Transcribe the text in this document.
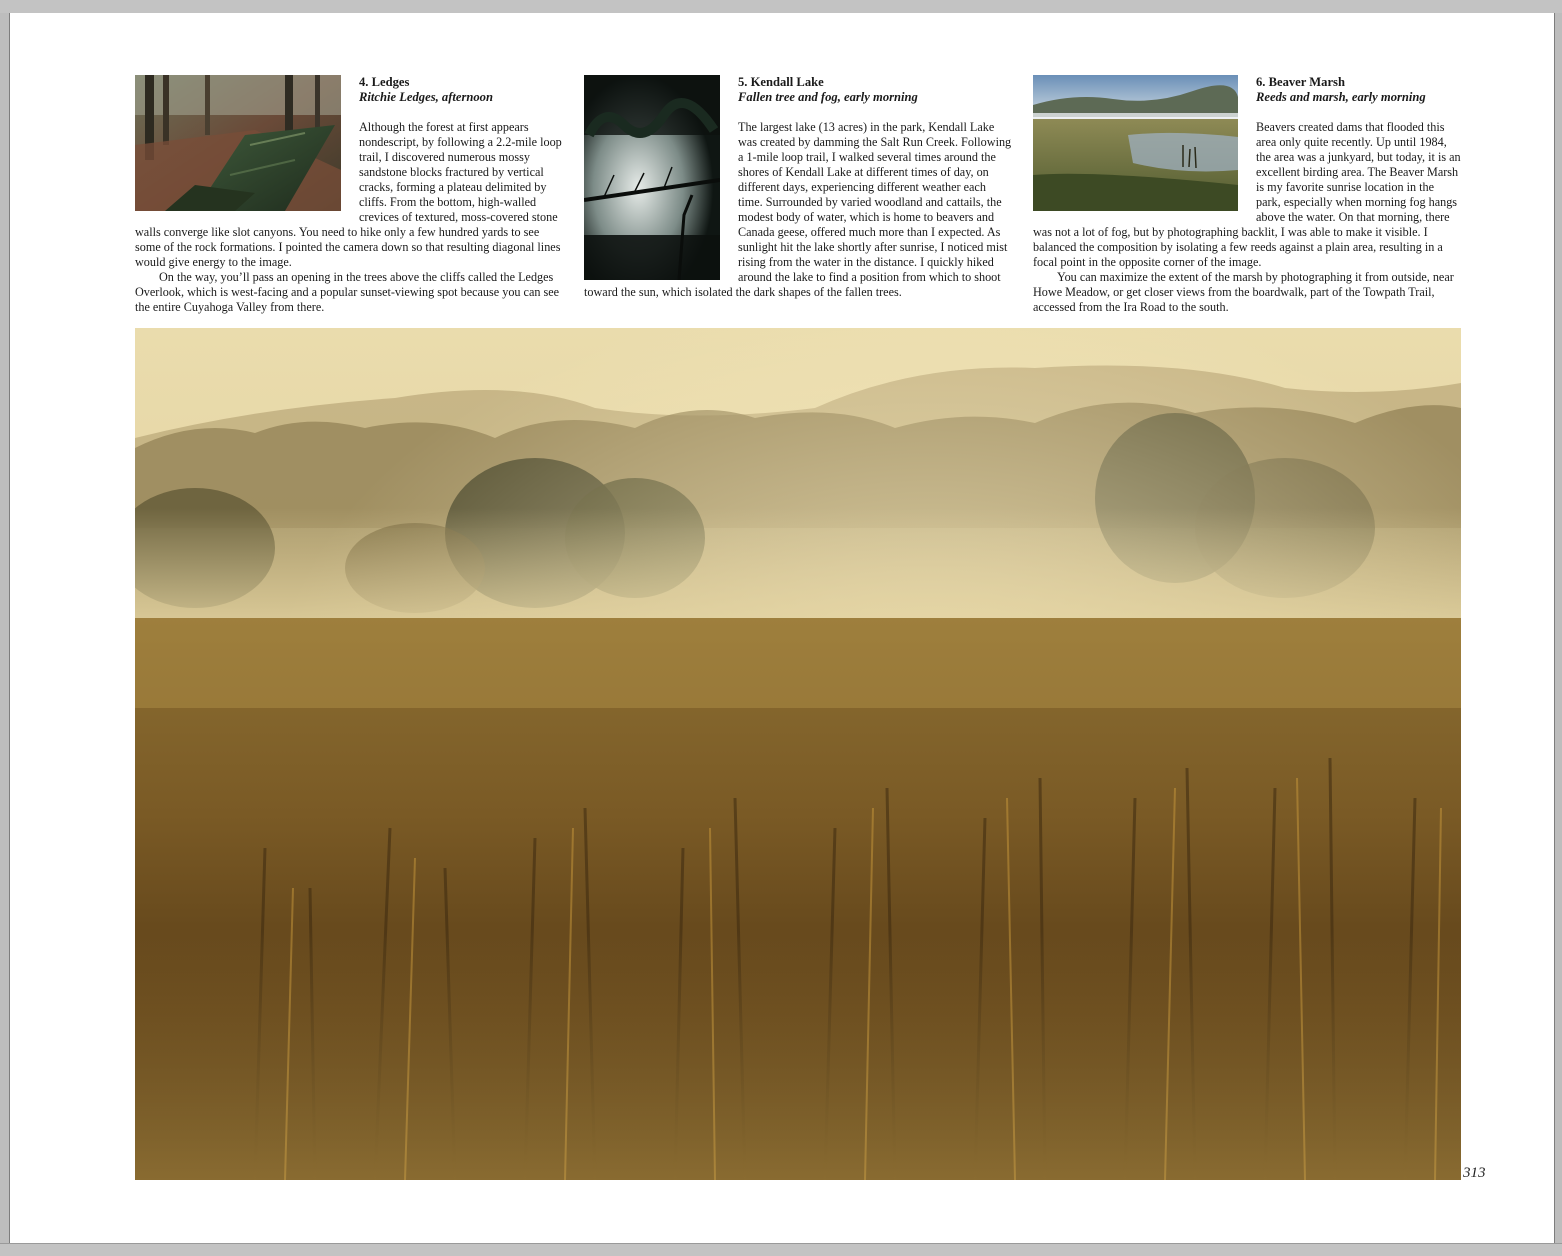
4. Ledges
Ritchie Ledges, afternoon

Although the forest at first appears nondescript, by following a 2.2-mile loop trail, I discovered numerous mossy sandstone blocks fractured by vertical cracks, forming a plateau delimited by cliffs. From the bottom, high-walled crevices of textured, moss-covered stone walls converge like slot canyons. You need to hike only a few hundred yards to see some of the rock formations. I pointed the camera down so that resulting diagonal lines would give energy to the image.

On the way, you’ll pass an opening in the trees above the cliffs called the Ledges Overlook, which is west-facing and a popular sunset-viewing spot because you can see the entire Cuyahoga Valley from there.

5. Kendall Lake
Fallen tree and fog, early morning

The largest lake (13 acres) in the park, Kendall Lake was created by damming the Salt Run Creek. Following a 1-mile loop trail, I walked several times around the shores of Kendall Lake at different times of day, on different days, experiencing different weather each time. Surrounded by varied woodland and cattails, the modest body of water, which is home to beavers and Canada geese, offered much more than I expected. As sunlight hit the lake shortly after sunrise, I noticed mist rising from the water in the distance. I quickly hiked around the lake to find a position from which to shoot toward the sun, which isolated the dark shapes of the fallen trees.

6. Beaver Marsh
Reeds and marsh, early morning

Beavers created dams that flooded this area only quite recently. Up until 1984, the area was a junkyard, but today, it is an excellent birding area. The Beaver Marsh is my favorite sunrise location in the park, especially when morning fog hangs above the water. On that morning, there was not a lot of fog, but by photographing backlit, I was able to make it visible. I balanced the composition by isolating a few reeds against a plain area, resulting in a focal point in the opposite corner of the image.

You can maximize the extent of the marsh by photographing it from outside, near Howe Meadow, or get closer views from the boardwalk, part of the Towpath Trail, accessed from the Ira Road to the south.

313
